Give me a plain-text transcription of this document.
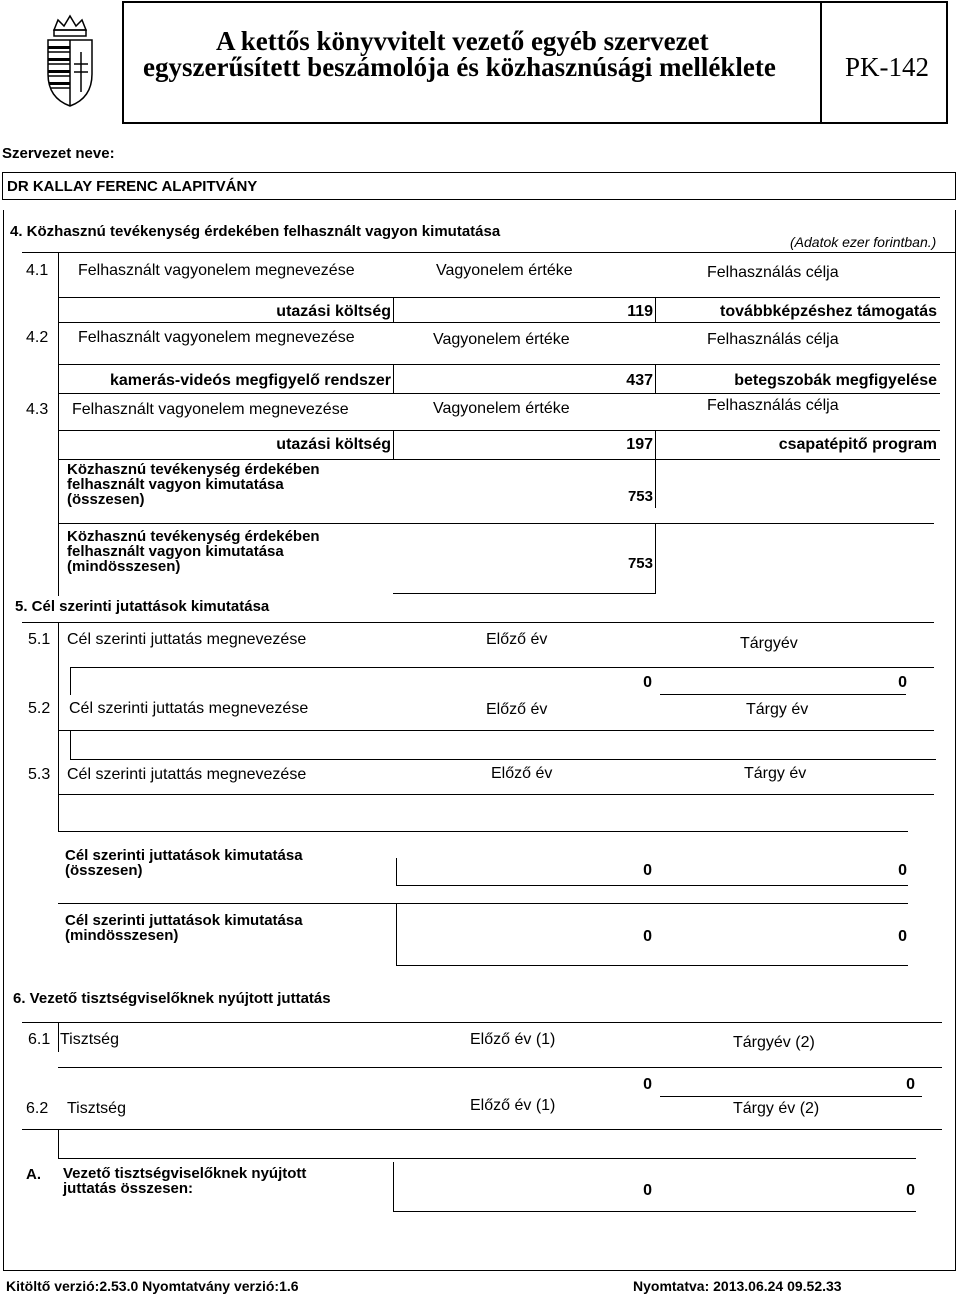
A kettős könyvvitelt vezető egyéb szervezet
egyszerűsített beszámolója és közhasznúsági melléklete	PK-142
Szervezet neve:
DR KALLAY FERENC ALAPITVÁNY
4. Közhasznú tevékenység érdekében felhasznált vagyon kimutatása
(Adatok ezer forintban.)
4.1 Felhasznált vagyonelem megnevezése	Vagyonelem értéke	Felhasználás célja
utazási költség	119	továbbképzéshez támogatás
4.2 Felhasznált vagyonelem megnevezése	Vagyonelem értéke	Felhasználás célja
kamerás-videós megfigyelő rendszer	437	betegszobák megfigyelése
4.3 Felhasznált vagyonelem megnevezése	Vagyonelem értéke	Felhasználás célja
utazási költség	197	csapatépitő program
Közhasznú tevékenység érdekében
felhasznált vagyon kimutatása
(összesen)	753
Közhasznú tevékenység érdekében
felhasznált vagyon kimutatása
(mindösszesen)	753
5. Cél szerinti jutattások kimutatása
5.1 Cél szerinti juttatás megnevezése	Előző év	Tárgyév
0	0
5.2 Cél szerinti juttatás megnevezése	Előző év	Tárgy év
5.3 Cél szerinti jutattás megnevezése	Előző év	Tárgy év
Cél szerinti juttatások kimutatása
(összesen)	0	0
Cél szerinti juttatások kimutatása
(mindösszesen)	0	0
6. Vezető tisztségviselőknek nyújtott juttatás
6.1 Tisztség	Előző év (1)	Tárgyév (2)
0	0
6.2 Tisztség	Előző év (1)	Tárgy év (2)
A. Vezető tisztségviselőknek nyújtott
juttatás összesen:	0	0
Kitöltő verzió:2.53.0 Nyomtatvány verzió:1.6	Nyomtatva: 2013.06.24 09.52.33
